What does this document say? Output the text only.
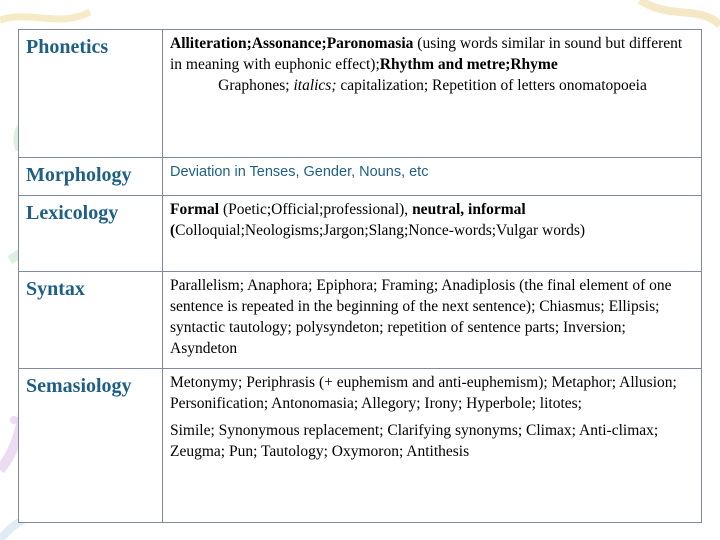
Phonetics	Alliteration;Assonance;Paronomasia (using words similar in sound but different in meaning with euphonic effect);Rhythm and metre;Rhyme
Graphones; italics; capitalization; Repetition of letters onomatopoeia

Morphology	Deviation in Tenses, Gender, Nouns, etc
Lexicology	Formal (Poetic;Official;professional), neutral, informal (Colloquial;Neologisms;Jargon;Slang;Nonce-words;Vulgar words)
Syntax	Parallelism; Anaphora; Epiphora; Framing; Anadiplosis (the final element of one sentence is repeated in the beginning of the next sentence); Chiasmus; Ellipsis; syntactic tautology; polysyndeton; repetition of sentence parts; Inversion; Asyndeton
Semasiology	Metonymy; Periphrasis (+ euphemism and anti-euphemism); Metaphor; Allusion; Personification; Antonomasia; Allegory; Irony; Hyperbole; litotes;
Simile; Synonymous replacement; Clarifying synonyms; Climax; Anti-climax; Zeugma; Pun; Tautology; Oxymoron; Antithesis
